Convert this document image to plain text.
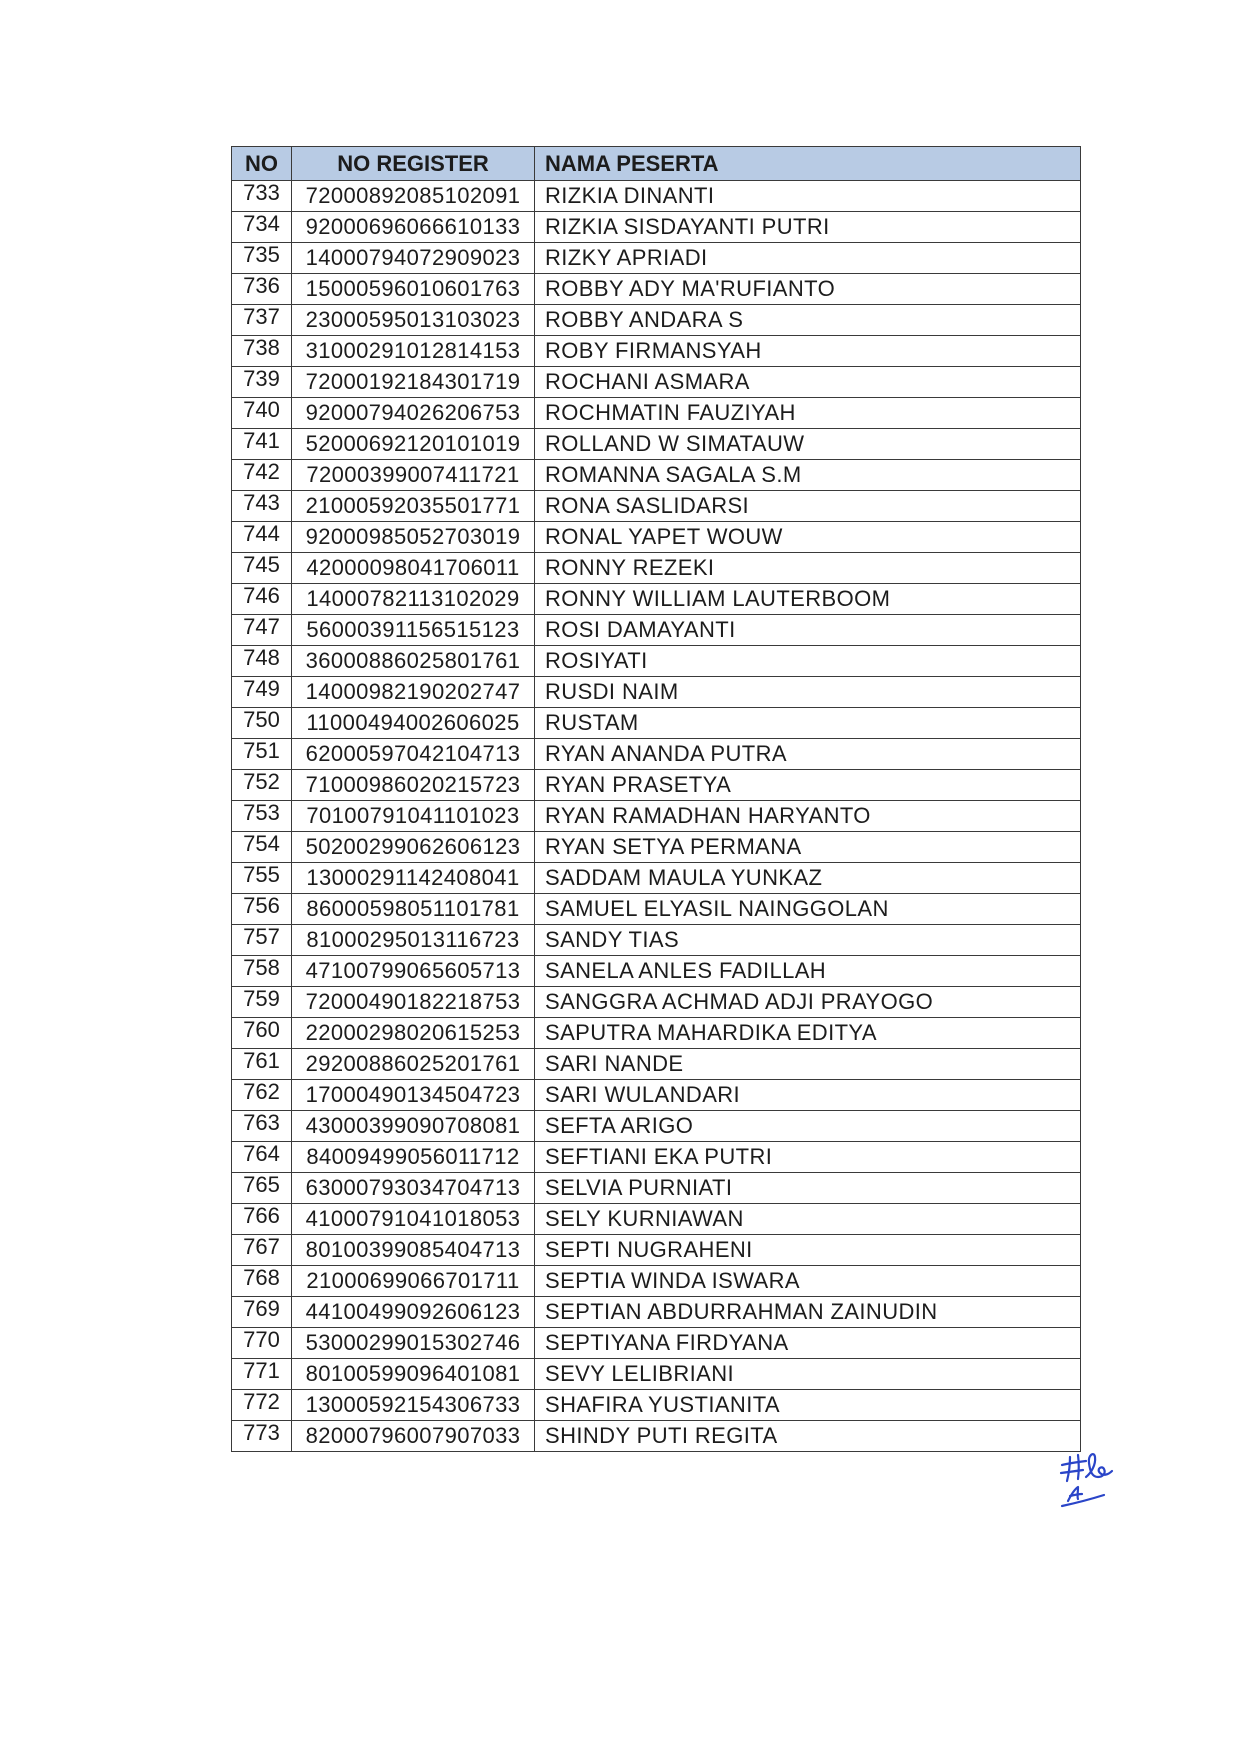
NO	NO REGISTER	NAMA PESERTA
733	72000892085102091	RIZKIA DINANTI
734	92000696066610133	RIZKIA SISDAYANTI PUTRI
735	14000794072909023	RIZKY APRIADI
736	15000596010601763	ROBBY ADY MA'RUFIANTO
737	23000595013103023	ROBBY ANDARA S
738	31000291012814153	ROBY FIRMANSYAH
739	72000192184301719	ROCHANI ASMARA
740	92000794026206753	ROCHMATIN FAUZIYAH
741	52000692120101019	ROLLAND W SIMATAUW
742	72000399007411721	ROMANNA SAGALA S.M
743	21000592035501771	RONA SASLIDARSI
744	92000985052703019	RONAL YAPET WOUW
745	42000098041706011	RONNY REZEKI
746	14000782113102029	RONNY WILLIAM LAUTERBOOM
747	56000391156515123	ROSI DAMAYANTI
748	36000886025801761	ROSIYATI
749	14000982190202747	RUSDI NAIM
750	11000494002606025	RUSTAM
751	62000597042104713	RYAN ANANDA PUTRA
752	71000986020215723	RYAN PRASETYA
753	70100791041101023	RYAN RAMADHAN HARYANTO
754	50200299062606123	RYAN SETYA PERMANA
755	13000291142408041	SADDAM MAULA YUNKAZ
756	86000598051101781	SAMUEL ELYASIL NAINGGOLAN
757	81000295013116723	SANDY TIAS
758	47100799065605713	SANELA ANLES FADILLAH
759	72000490182218753	SANGGRA ACHMAD ADJI PRAYOGO
760	22000298020615253	SAPUTRA MAHARDIKA EDITYA
761	29200886025201761	SARI NANDE
762	17000490134504723	SARI WULANDARI
763	43000399090708081	SEFTA ARIGO
764	84009499056011712	SEFTIANI EKA PUTRI
765	63000793034704713	SELVIA PURNIATI
766	41000791041018053	SELY KURNIAWAN
767	80100399085404713	SEPTI NUGRAHENI
768	21000699066701711	SEPTIA WINDA ISWARA
769	44100499092606123	SEPTIAN ABDURRAHMAN ZAINUDIN
770	53000299015302746	SEPTIYANA FIRDYANA
771	80100599096401081	SEVY LELIBRIANI
772	13000592154306733	SHAFIRA YUSTIANITA
773	82000796007907033	SHINDY PUTI REGITA
